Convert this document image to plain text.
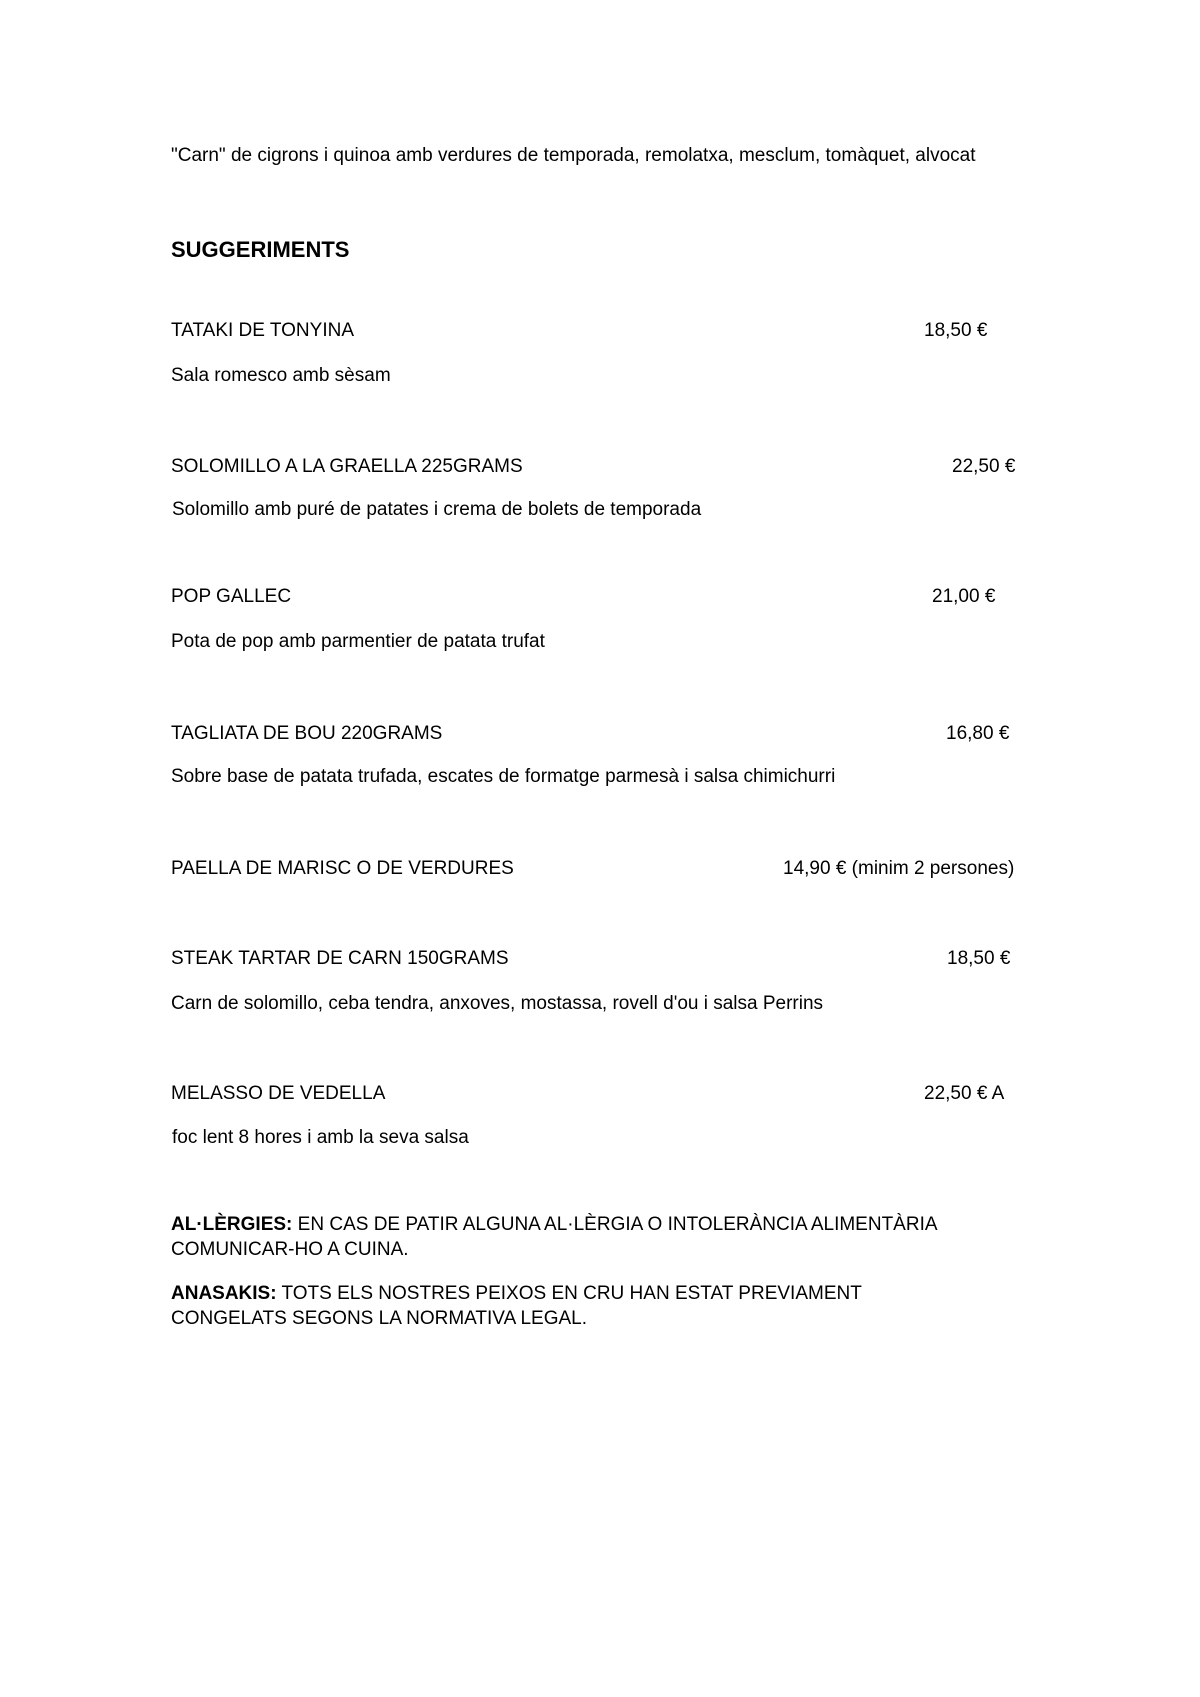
"Carn" de cigrons i quinoa amb verdures de temporada, remolatxa, mesclum, tomàquet, alvocat
SUGGERIMENTS
TATAKI DE TONYINA	18,50 €
Sala romesco amb sèsam
SOLOMILLO A LA GRAELLA 225GRAMS	22,50 €
Solomillo amb puré de patates i crema de bolets de temporada
POP GALLEC	21,00 €
Pota de pop amb parmentier de patata trufat
TAGLIATA DE BOU 220GRAMS	16,80 €
Sobre base de patata trufada, escates de formatge parmesà i salsa chimichurri
PAELLA DE MARISC O DE VERDURES	14,90 € (minim 2 persones)
STEAK TARTAR DE CARN 150GRAMS	18,50 €
Carn de solomillo, ceba tendra, anxoves, mostassa, rovell d'ou i salsa Perrins
MELASSO DE VEDELLA	22,50 € A
foc lent 8 hores i amb la seva salsa
AL·LÈRGIES: EN CAS DE PATIR ALGUNA AL·LÈRGIA O INTOLERÀNCIA ALIMENTÀRIA
COMUNICAR-HO A CUINA.
ANASAKIS: TOTS ELS NOSTRES PEIXOS EN CRU HAN ESTAT PREVIAMENT
CONGELATS SEGONS LA NORMATIVA LEGAL.
